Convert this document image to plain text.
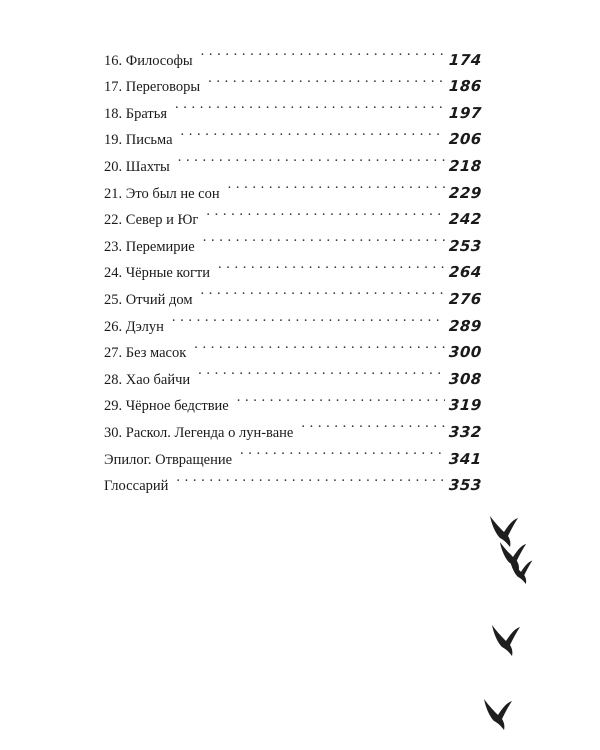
16. Философы . . .	174
17. Переговоры . . .	186
18. Братья . . .	197
19. Письма . . .	206
20. Шахты . . .	218
21. Это был не сон . . .	229
22. Север и Юг . . .	242
23. Перемирие . . .	253
24. Чёрные когти . . .	264
25. Отчий дом . . .	276
26. Дэлун . . .	289
27. Без масок . . .	300
28. Хао байчи . . .	308
29. Чёрное бедствие . . .	319
30. Раскол. Легенда о лун-ване . . .	332
Эпилог. Отвращение . . .	341
Глоссарий . . .	353
